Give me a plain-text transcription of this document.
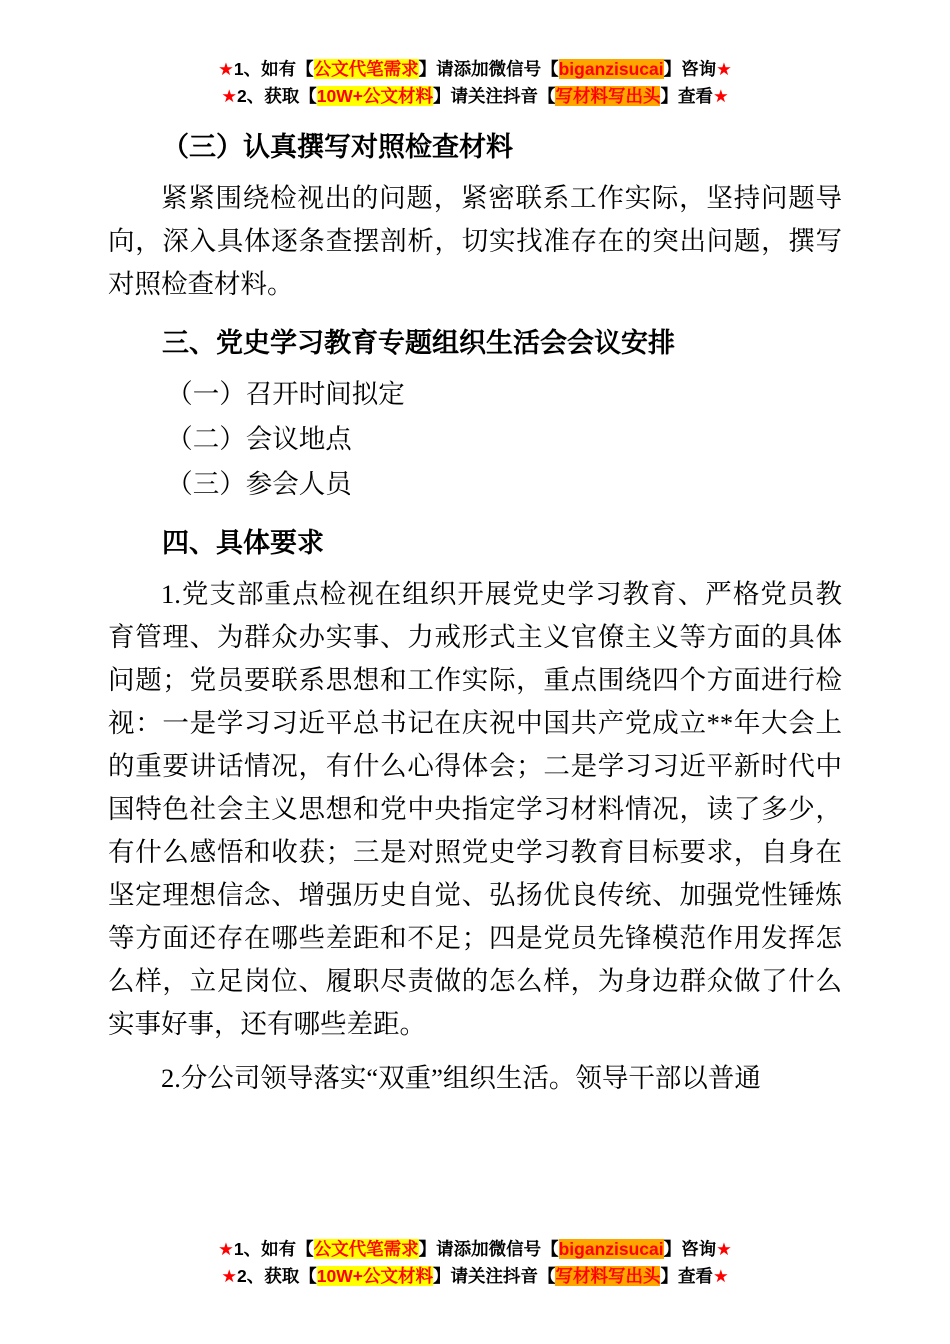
★1、如有【公文代笔需求】请添加微信号【biganzisucai】咨询★
★2、获取【10W+公文材料】请关注抖音【写材料写出头】查看★
（三）认真撰写对照检查材料

紧紧围绕检视出的问题，紧密联系工作实际，坚持问题导向，深入具体逐条查摆剖析，切实找准存在的突出问题，撰写对照检查材料。

三、党史学习教育专题组织生活会会议安排

（一）召开时间拟定

（二）会议地点

（三）参会人员

四、具体要求

1.党支部重点检视在组织开展党史学习教育、严格党员教育管理、为群众办实事、力戒形式主义官僚主义等方面的具体问题；党员要联系思想和工作实际，重点围绕四个方面进行检视：一是学习习近平总书记在庆祝中国共产党成立**年大会上的重要讲话情况，有什么心得体会；二是学习习近平新时代中国特色社会主义思想和党中央指定学习材料情况，读了多少，有什么感悟和收获；三是对照党史学习教育目标要求，自身在坚定理想信念、增强历史自觉、弘扬优良传统、加强党性锤炼等方面还存在哪些差距和不足；四是党员先锋模范作用发挥怎么样，立足岗位、履职尽责做的怎么样，为身边群众做了什么实事好事，还有哪些差距。

2.分公司领导落实“双重”组织生活。领导干部以普通

★1、如有【公文代笔需求】请添加微信号【biganzisucai】咨询★
★2、获取【10W+公文材料】请关注抖音【写材料写出头】查看★
